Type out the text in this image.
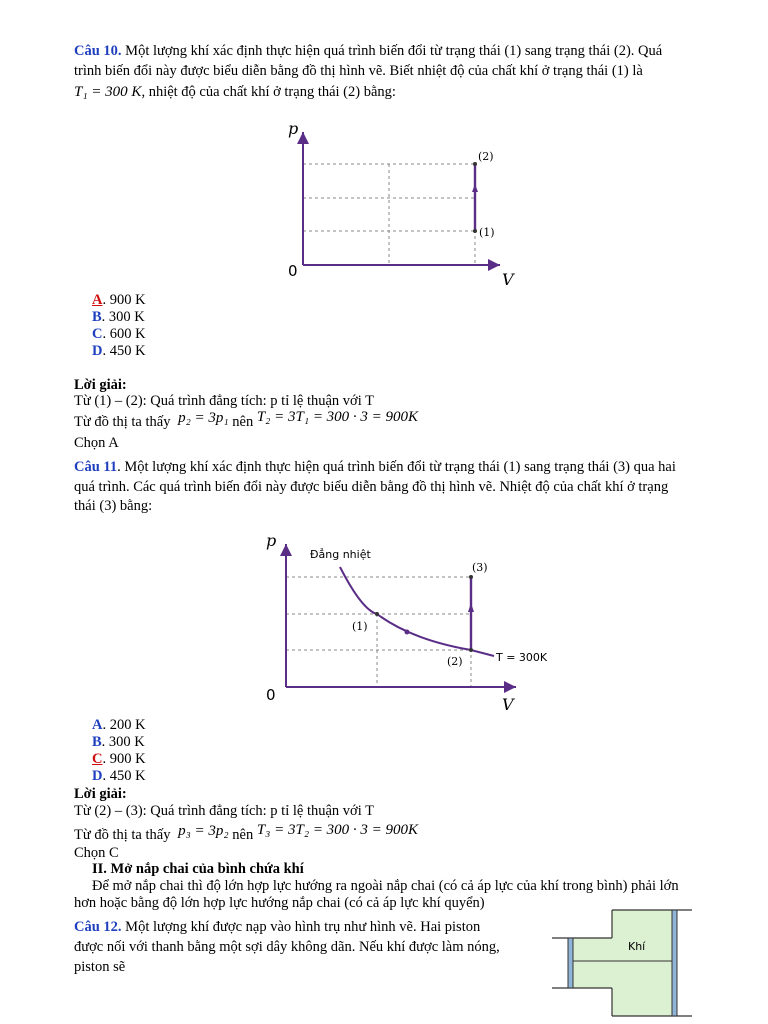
Câu 10. Một lượng khí xác định thực hiện quá trình biến đổi từ trạng thái (1) sang trạng thái (2). Quá
trình biến đổi này được biểu diễn bằng đồ thị hình vẽ. Biết nhiệt độ của chất khí ở trạng thái (1) là
T₁ = 300 K, nhiệt độ của chất khí ở trạng thái (2) bằng:
p
V
0
(2)
(1)
A. 900 K
B. 300 K
C. 600 K
D. 450 K
Lời giải:
Từ (1) – (2): Quá trình đẳng tích: p tỉ lệ thuận với T
Từ đồ thị ta thấy p₂ = 3p₁ nên T₂ = 3T₁ = 300 · 3 = 900K
Chọn A
Câu 11. Một lượng khí xác định thực hiện quá trình biến đổi từ trạng thái (1) sang trạng thái (3) qua hai
quá trình. Các quá trình biến đổi này được biểu diễn bằng đồ thị hình vẽ. Nhiệt độ của chất khí ở trạng
thái (3) bằng:
p
V
0
Đẳng nhiệt
(3)
(1)
(2)	T = 300K
A. 200 K
B. 300 K
C. 900 K
D. 450 K
Lời giải:
Từ (2) – (3): Quá trình đẳng tích: p tỉ lệ thuận với T
Từ đồ thị ta thấy p₃ = 3p₂ nên T₃ = 3T₂ = 300 · 3 = 900K
Chọn C
II. Mở nắp chai của bình chứa khí
Để mở nắp chai thì độ lớn hợp lực hướng ra ngoài nắp chai (có cả áp lực của khí trong bình) phải lớn
hơn hoặc bằng độ lớn hợp lực hướng nắp chai (có cả áp lực khí quyển)
Câu 12. Một lượng khí được nạp vào hình trụ như hình vẽ. Hai piston
được nối với thanh bằng một sợi dây không dãn. Nếu khí được làm nóng,
piston sẽ
Khí
